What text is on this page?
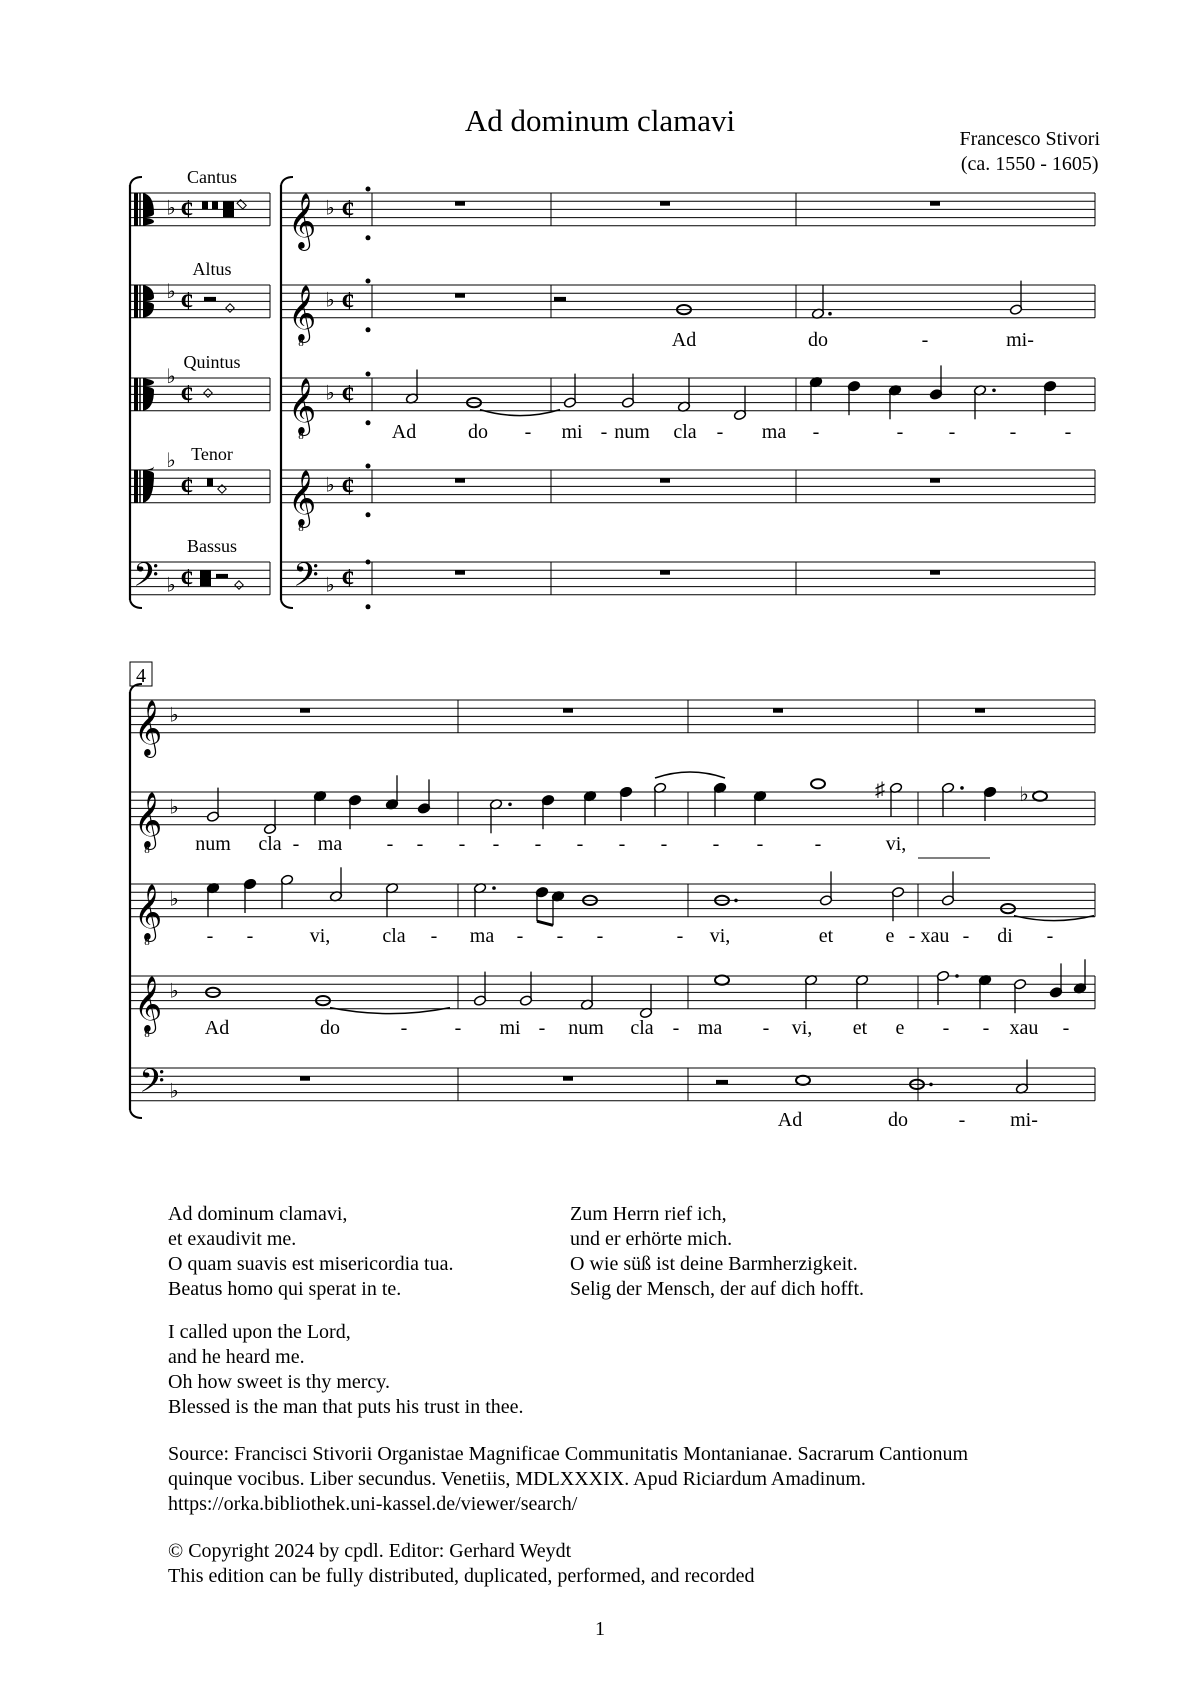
Ad dominum clamavi
Francesco Stivori
(ca. 1550 - 1605)
Cantus
♭ ¢
Altus
♭ ¢
Quintus
♭
¢
Tenor
♭
¢
Bassus
𝄢 ♭ ¢
𝄞 ♭ ¢
𝄞
8
♭ ¢
𝄞
8
♭ ¢
𝄞
8
♭ ¢
𝄢 ♭ ¢
Ad	do	-	mi-
Ad	do - mi - num cla - ma -	- -	- -
𝄞 ♭
𝄞
8
♭
𝄞
8
♭
𝄞
8
♭
𝄢 ♭
♯	♭
num cla - ma - - - - - - - - - -	-	vi,
- -	vi,	cla - ma - - -	- vi,	et	e - xau - di -
Ad	do	- - mi - num cla - ma - vi, et e - - xau -
Ad	do	- mi-
4
Ad dominum clamavi,
et exaudivit me.
O quam suavis est misericordia tua.
Beatus homo qui sperat in te.
Zum Herrn rief ich,
und er erhörte mich.
O wie süß ist deine Barmherzigkeit.
Selig der Mensch, der auf dich hofft.
I called upon the Lord,
and he heard me.
Oh how sweet is thy mercy.
Blessed is the man that puts his trust in thee.
Source: Francisci Stivorii Organistae Magnificae Communitatis Montanianae. Sacrarum Cantionum
quinque vocibus. Liber secundus. Venetiis, MDLXXXIX. Apud Riciardum Amadinum.
https://orka.bibliothek.uni-kassel.de/viewer/search/
© Copyright 2024 by cpdl. Editor: Gerhard Weydt
This edition can be fully distributed, duplicated, performed, and recorded
1
